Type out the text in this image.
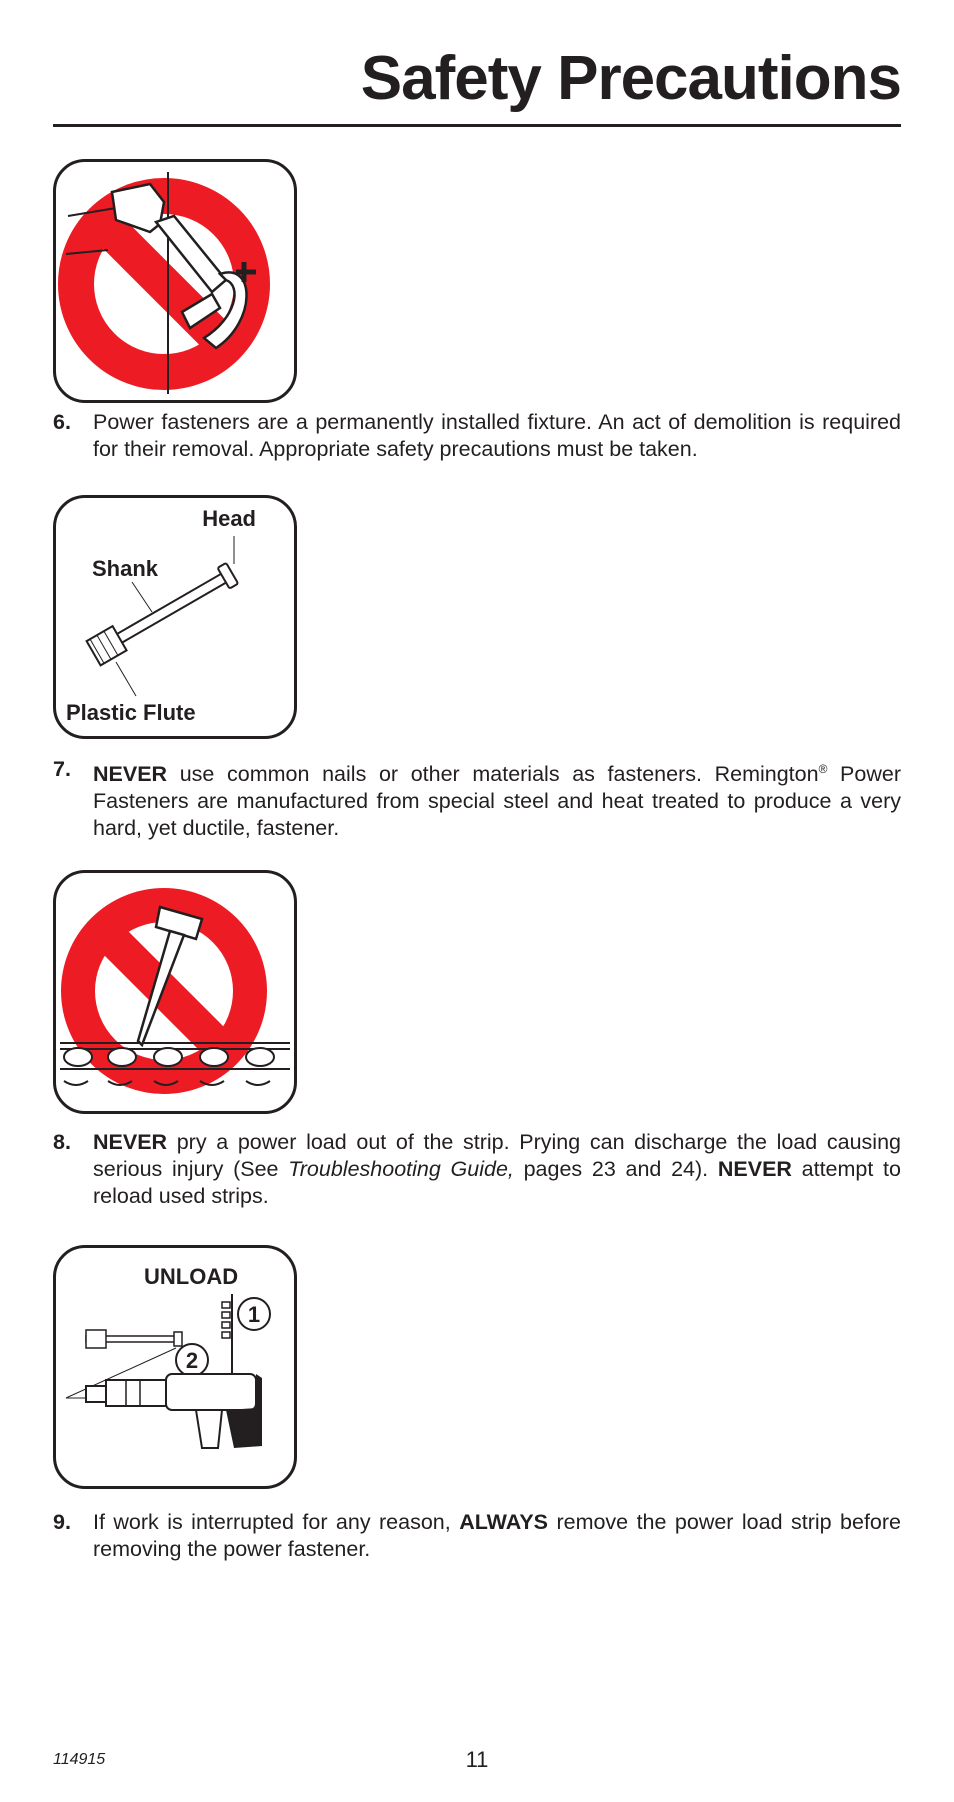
Safety Precautions
6. Power fasteners are a permanently installed fixture. An act of demolition is required for their removal. Appropriate safety precautions must be taken.
Head
Shank
Plastic Flute
7. NEVER use common nails or other materials as fasteners. Remington® Power Fasteners are manufactured from special steel and heat treated to produce a very hard, yet ductile, fastener.
8. NEVER pry a power load out of the strip. Prying can discharge the load causing serious injury (See Troubleshooting Guide, pages 23 and 24). NEVER attempt to reload used strips.
UNLOAD
1
2
9. If work is interrupted for any reason, ALWAYS remove the power load strip before removing the power fastener.
114915	11
